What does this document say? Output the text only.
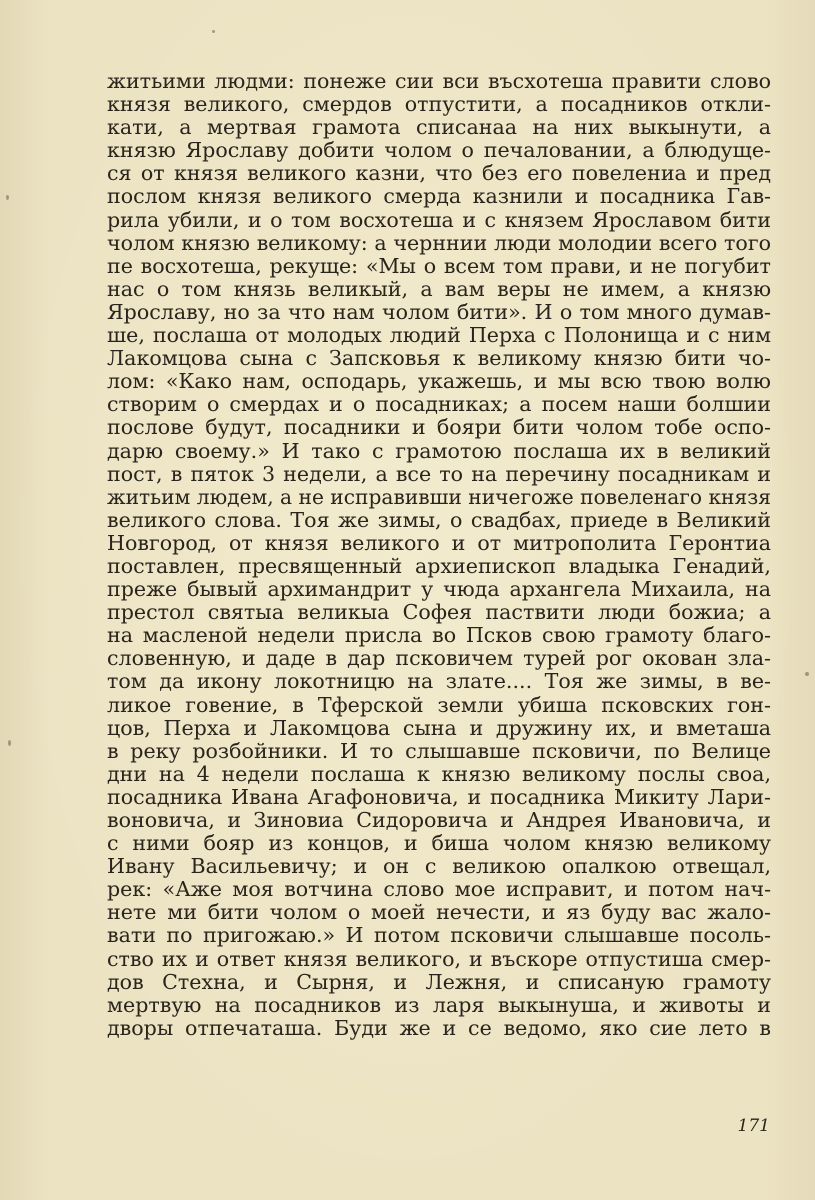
житьими людми: понеже сии вси въсхотеша правити слово
князя великого, смердов отпустити, а посадников откли-
кати, а мертвая грамота списанаа на них выкынути, а
князю Ярославу добити чолом о печаловании, а блюдуще-
ся от князя великого казни, что без его повелениа и пред
послом князя великого смерда казнили и посадника Гав-
рила убили, и о том восхотеша и с князем Ярославом бити
чолом князю великому: а черннии люди молодии всего того
пе восхотеша, рекуще: «Мы о всем том прави, и не погубит
нас о том князь великый, а вам веры не имем, а князю
Ярославу, но за что нам чолом бити». И о том много думав-
ше, послаша от молодых людий Перха с Полонища и с ним
Лакомцова сына с Запсковья к великому князю бити чо-
лом: «Како нам, осподарь, укажешь, и мы всю твою волю
створим о смердах и о посадниках; а посем наши болшии
послове будут, посадники и бояри бити чолом тобе оспо-
дарю своему.» И тако с грамотою послаша их в великий
пост, в пяток 3 недели, а все то на перечину посадникам и
житьим людем, а не исправивши ничегоже повеленаго князя
великого слова. Тоя же зимы, о свадбах, приеде в Великий
Новгород, от князя великого и от митрополита Геронтиа
поставлен, пресвященный архиепископ владыка Генадий,
преже бывый архимандрит у чюда архангела Михаила, на
престол святыа великыа Софея паствити люди божиа; а
на масленой недели присла во Псков свою грамоту благо-
словенную, и даде в дар псковичем турей рог окован зла-
том да икону локотницю на злате.... Тоя же зимы, в ве-
ликое говение, в Тферской земли убиша псковских гон-
цов, Перха и Лакомцова сына и дружину их, и вметаша
в реку розбойники. И то слышавше псковичи, по Велице
дни на 4 недели послаша к князю великому послы своа,
посадника Ивана Агафоновича, и посадника Микиту Лари-
воновича, и Зиновиа Сидоровича и Андрея Ивановича, и
с ними бояр из концов, и биша чолом князю великому
Ивану Васильевичу; и он с великою опалкою отвещал,
рек: «Аже моя вотчина слово мое исправит, и потом нач-
нете ми бити чолом о моей нечести, и яз буду вас жало-
вати по пригожаю.» И потом псковичи слышавше посоль-
ство их и ответ князя великого, и въскоре отпустиша смер-
дов Стехна, и Сырня, и Лежня, и списаную грамоту
мертвую на посадников из ларя выкынуша, и животы и
дворы отпечаташа. Буди же и се ведомо, яко сие лето в
171
